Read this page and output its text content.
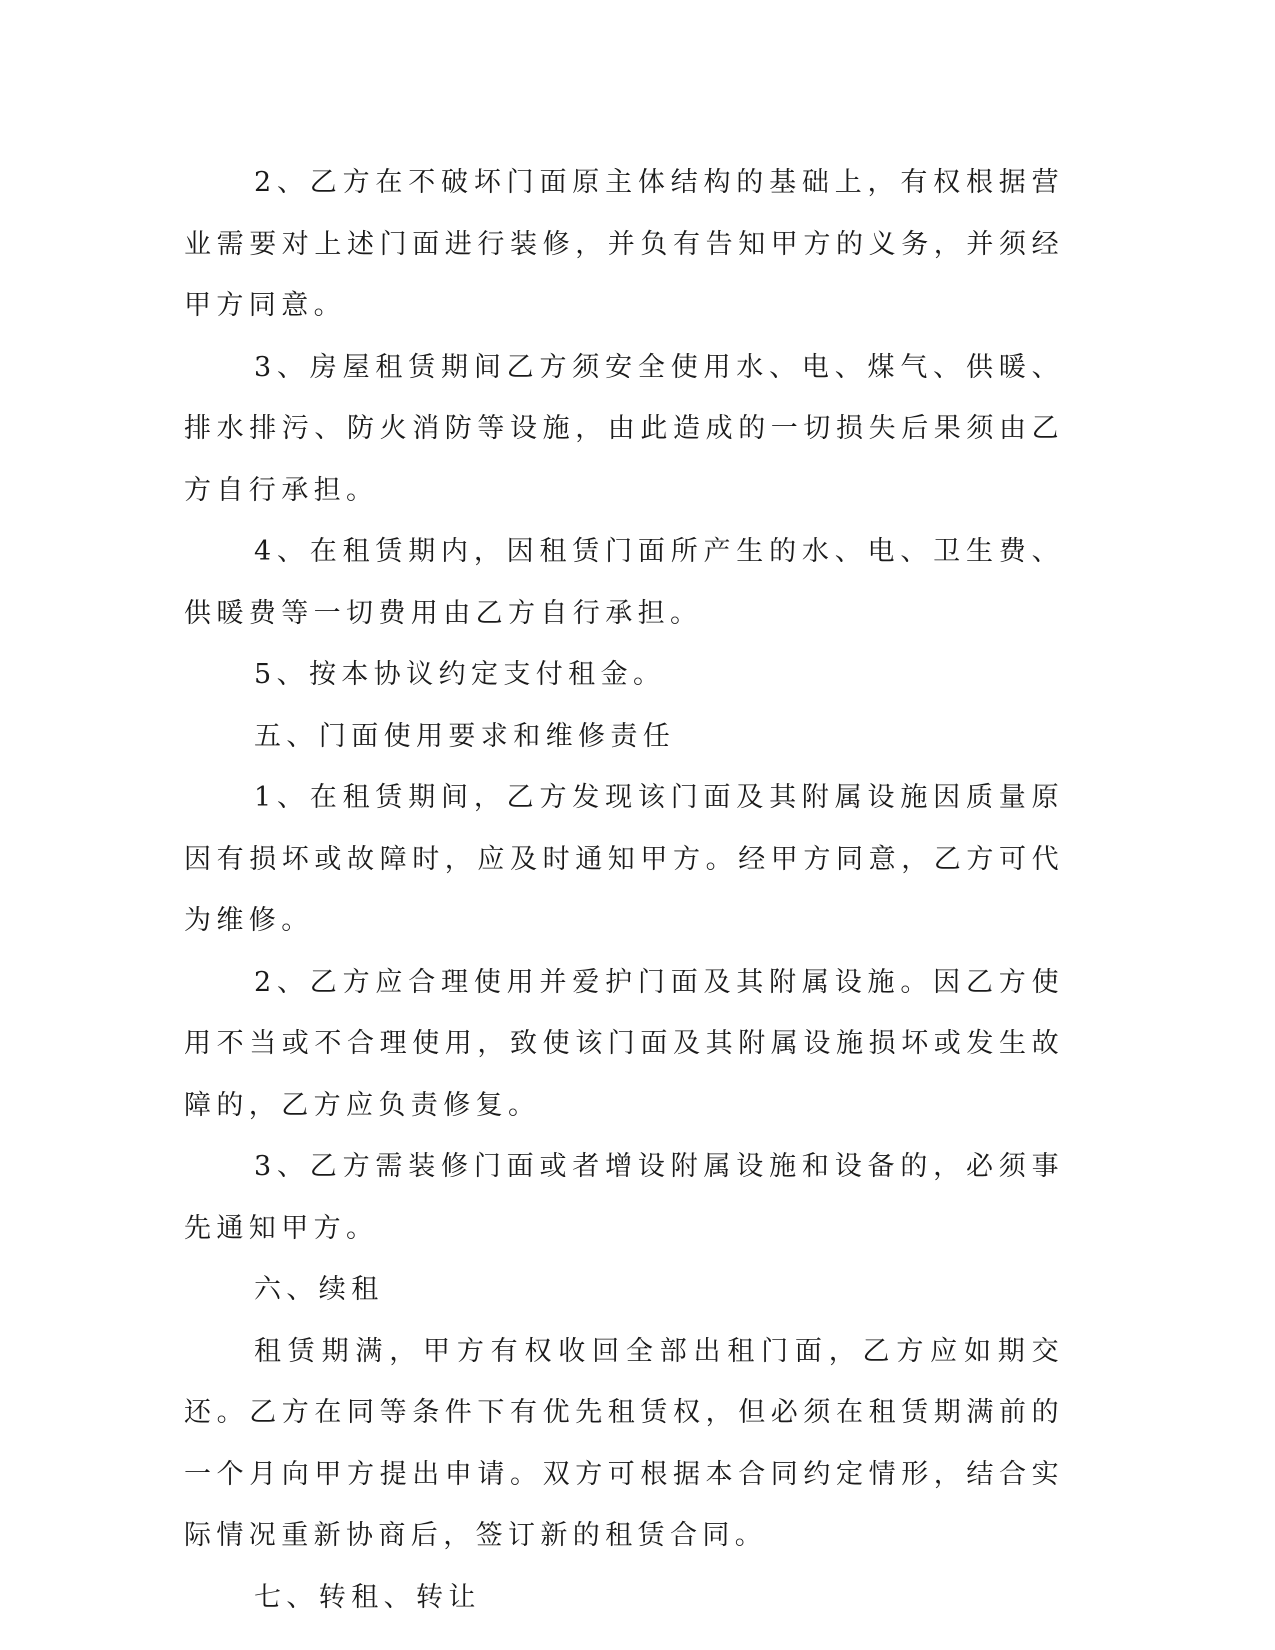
2、乙方在不破坏门面原主体结构的基础上，有权根据营业需要对上述门面进行装修，并负有告知甲方的义务，并须经甲方同意。

3、房屋租赁期间乙方须安全使用水、电、煤气、供暖、排水排污、防火消防等设施，由此造成的一切损失后果须由乙方自行承担。

4、在租赁期内，因租赁门面所产生的水、电、卫生费、供暖费等一切费用由乙方自行承担。

5、按本协议约定支付租金。

五、门面使用要求和维修责任

1、在租赁期间，乙方发现该门面及其附属设施因质量原因有损坏或故障时，应及时通知甲方。经甲方同意，乙方可代为维修。

2、乙方应合理使用并爱护门面及其附属设施。因乙方使用不当或不合理使用，致使该门面及其附属设施损坏或发生故障的，乙方应负责修复。

3、乙方需装修门面或者增设附属设施和设备的，必须事先通知甲方。

六、续租

租赁期满，甲方有权收回全部出租门面，乙方应如期交还。乙方在同等条件下有优先租赁权，但必须在租赁期满前的一个月向甲方提出申请。双方可根据本合同约定情形，结合实际情况重新协商后，签订新的租赁合同。

七、转租、转让
